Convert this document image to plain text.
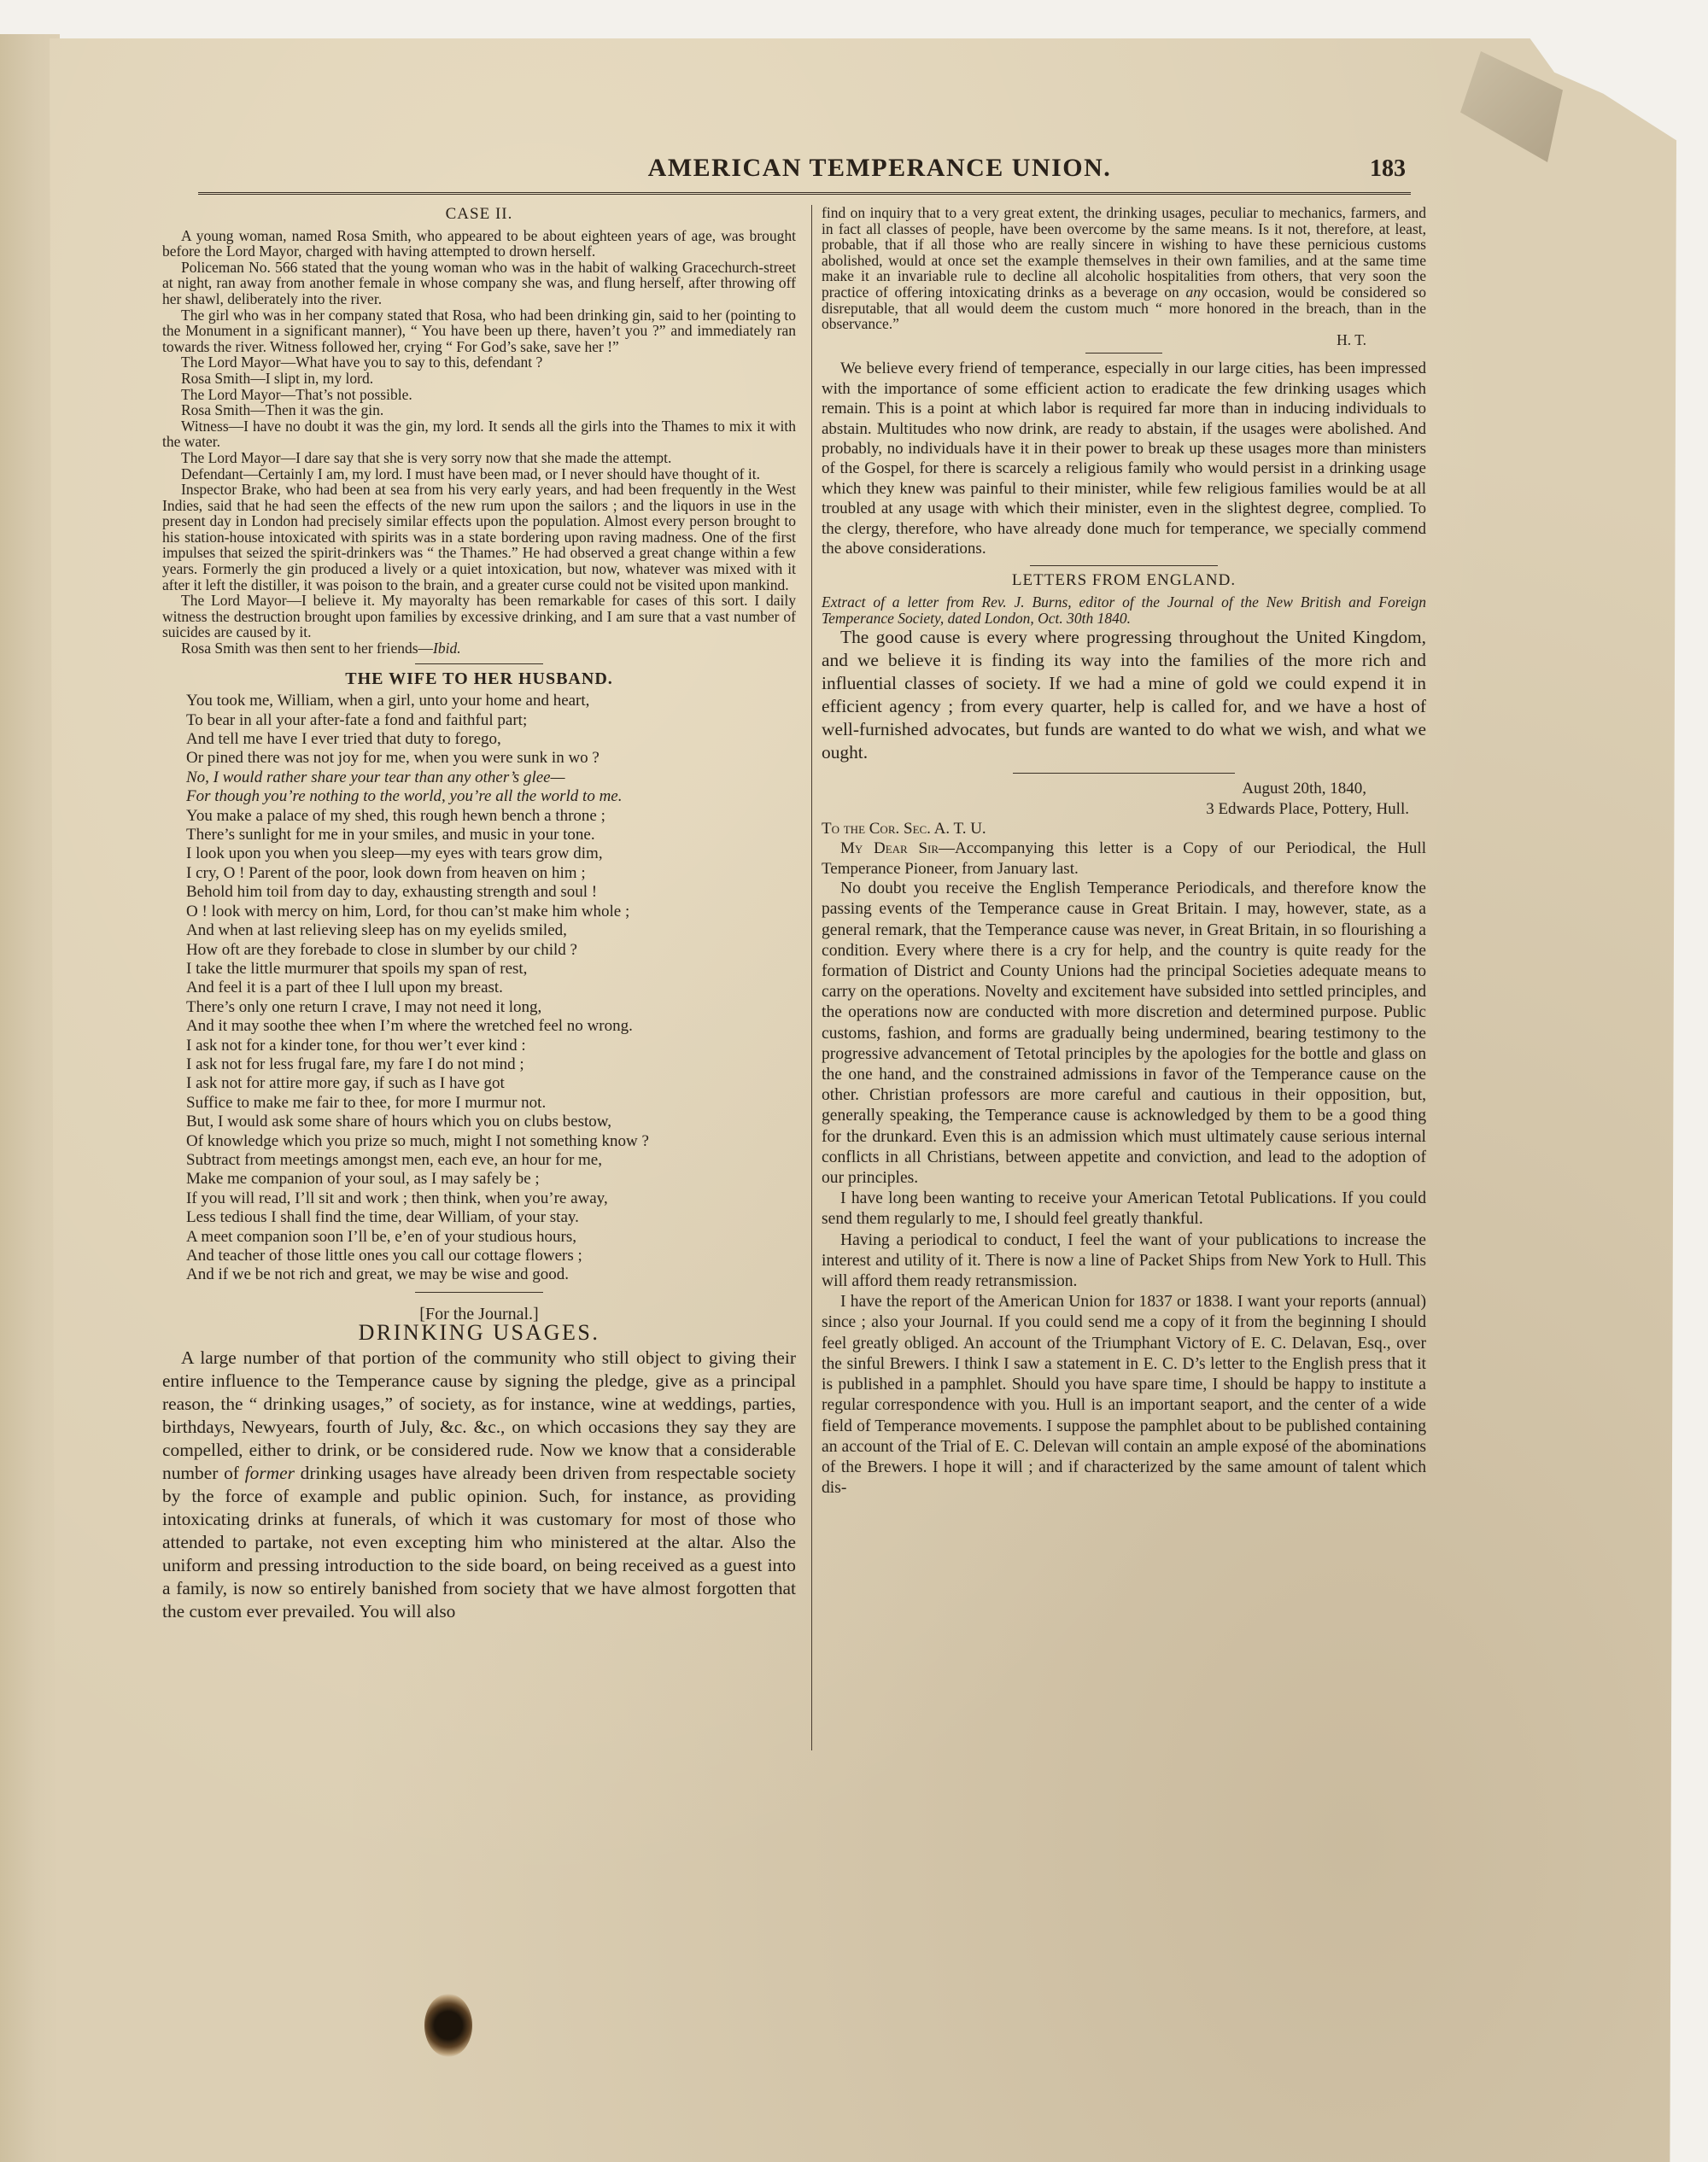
AMERICAN TEMPERANCE UNION.	183
CASE II.

A young woman, named Rosa Smith, who appeared to be about eighteen years of age, was brought before the Lord Mayor, charged with having attempted to drown herself.

Policeman No. 566 stated that the young woman who was in the habit of walking Gracechurch-street at night, ran away from another female in whose company she was, and flung herself, after throwing off her shawl, deliberately into the river.

The girl who was in her company stated that Rosa, who had been drinking gin, said to her (pointing to the Monument in a significant manner), “ You have been up there, haven’t you ?” and immediately ran towards the river. Witness followed her, crying “ For God’s sake, save her !”

The Lord Mayor—What have you to say to this, defendant ?

Rosa Smith—I slipt in, my lord.

The Lord Mayor—That’s not possible.

Rosa Smith—Then it was the gin.

Witness—I have no doubt it was the gin, my lord. It sends all the girls into the Thames to mix it with the water.

The Lord Mayor—I dare say that she is very sorry now that she made the attempt.

Defendant—Certainly I am, my lord. I must have been mad, or I never should have thought of it.

Inspector Brake, who had been at sea from his very early years, and had been frequently in the West Indies, said that he had seen the effects of the new rum upon the sailors ; and the liquors in use in the present day in London had precisely similar effects upon the population. Almost every person brought to his station-house intoxicated with spirits was in a state bordering upon raving madness. One of the first impulses that seized the spirit-drinkers was “ the Thames.” He had observed a great change within a few years. Formerly the gin produced a lively or a quiet intoxication, but now, whatever was mixed with it after it left the distiller, it was poison to the brain, and a greater curse could not be visited upon mankind.

The Lord Mayor—I believe it. My mayoralty has been remarkable for cases of this sort. I daily witness the destruction brought upon families by excessive drinking, and I am sure that a vast number of suicides are caused by it.

Rosa Smith was then sent to her friends—Ibid.

THE WIFE TO HER HUSBAND.
You took me, William, when a girl, unto your home and heart,
To bear in all your after-fate a fond and faithful part;
And tell me have I ever tried that duty to forego,
Or pined there was not joy for me, when you were sunk in wo ?
No, I would rather share your tear than any other’s glee—
For though you’re nothing to the world, you’re all the world to me.
You make a palace of my shed, this rough hewn bench a throne ;
There’s sunlight for me in your smiles, and music in your tone.
I look upon you when you sleep—my eyes with tears grow dim,
I cry, O ! Parent of the poor, look down from heaven on him ;
Behold him toil from day to day, exhausting strength and soul !
O ! look with mercy on him, Lord, for thou can’st make him whole ;
And when at last relieving sleep has on my eyelids smiled,
How oft are they forebade to close in slumber by our child ?
I take the little murmurer that spoils my span of rest,
And feel it is a part of thee I lull upon my breast.
There’s only one return I crave, I may not need it long,
And it may soothe thee when I’m where the wretched feel no wrong.
I ask not for a kinder tone, for thou wer’t ever kind :
I ask not for less frugal fare, my fare I do not mind ;
I ask not for attire more gay, if such as I have got
Suffice to make me fair to thee, for more I murmur not.
But, I would ask some share of hours which you on clubs bestow,
Of knowledge which you prize so much, might I not something know ?
Subtract from meetings amongst men, each eve, an hour for me,
Make me companion of your soul, as I may safely be ;
If you will read, I’ll sit and work ; then think, when you’re away,
Less tedious I shall find the time, dear William, of your stay.
A meet companion soon I’ll be, e’en of your studious hours,
And teacher of those little ones you call our cottage flowers ;
And if we be not rich and great, we may be wise and good.
[For the Journal.]
DRINKING USAGES.

A large number of that portion of the community who still object to giving their entire influence to the Temperance cause by signing the pledge, give as a principal reason, the “ drinking usages,” of society, as for instance, wine at weddings, parties, birthdays, Newyears, fourth of July, &c. &c., on which occasions they say they are compelled, either to drink, or be considered rude. Now we know that a considerable number of former drinking usages have already been driven from respectable society by the force of example and public opinion. Such, for instance, as providing intoxicating drinks at funerals, of which it was customary for most of those who attended to partake, not even excepting him who ministered at the altar. Also the uniform and pressing introduction to the side board, on being received as a guest into a family, is now so entirely banished from society that we have almost forgotten that the custom ever prevailed. You will also

find on inquiry that to a very great extent, the drinking usages, peculiar to mechanics, farmers, and in fact all classes of people, have been overcome by the same means. Is it not, therefore, at least, probable, that if all those who are really sincere in wishing to have these pernicious customs abolished, would at once set the example themselves in their own families, and at the same time make it an invariable rule to decline all alcoholic hospitalities from others, that very soon the practice of offering intoxicating drinks as a beverage on any occasion, would be considered so disreputable, that all would deem the custom much “ more honored in the breach, than in the observance.”

H. T.

We believe every friend of temperance, especially in our large cities, has been impressed with the importance of some efficient action to eradicate the few drinking usages which remain. This is a point at which labor is required far more than in inducing individuals to abstain. Multitudes who now drink, are ready to abstain, if the usages were abolished. And probably, no individuals have it in their power to break up these usages more than ministers of the Gospel, for there is scarcely a religious family who would persist in a drinking usage which they knew was painful to their minister, while few religious families would be at all troubled at any usage with which their minister, even in the slightest degree, complied. To the clergy, therefore, who have already done much for temperance, we specially commend the above considerations.

LETTERS FROM ENGLAND.

Extract of a letter from Rev. J. Burns, editor of the Journal of the New British and Foreign Temperance Society, dated London, Oct. 30th 1840.

The good cause is every where progressing throughout the United Kingdom, and we believe it is finding its way into the families of the more rich and influential classes of society. If we had a mine of gold we could expend it in efficient agency ; from every quarter, help is called for, and we have a host of well-furnished advocates, but funds are wanted to do what we wish, and what we ought.

August 20th, 1840,
3 Edwards Place, Pottery, Hull.
To the Cor. Sec. A. T. U.

My Dear Sir—Accompanying this letter is a Copy of our Periodical, the Hull Temperance Pioneer, from January last.

No doubt you receive the English Temperance Periodicals, and therefore know the passing events of the Temperance cause in Great Britain. I may, however, state, as a general remark, that the Temperance cause was never, in Great Britain, in so flourishing a condition. Every where there is a cry for help, and the country is quite ready for the formation of District and County Unions had the principal Societies adequate means to carry on the operations. Novelty and excitement have subsided into settled principles, and the operations now are conducted with more discretion and determined purpose. Public customs, fashion, and forms are gradually being undermined, bearing testimony to the progressive advancement of Tetotal principles by the apologies for the bottle and glass on the one hand, and the constrained admissions in favor of the Temperance cause on the other. Christian professors are more careful and cautious in their opposition, but, generally speaking, the Temperance cause is acknowledged by them to be a good thing for the drunkard. Even this is an admission which must ultimately cause serious internal conflicts in all Christians, between appetite and conviction, and lead to the adoption of our principles.

I have long been wanting to receive your American Tetotal Publications. If you could send them regularly to me, I should feel greatly thankful.

Having a periodical to conduct, I feel the want of your publications to increase the interest and utility of it. There is now a line of Packet Ships from New York to Hull. This will afford them ready retransmission.

I have the report of the American Union for 1837 or 1838. I want your reports (annual) since ; also your Journal. If you could send me a copy of it from the beginning I should feel greatly obliged. An account of the Triumphant Victory of E. C. Delavan, Esq., over the sinful Brewers. I think I saw a statement in E. C. D’s letter to the English press that it is published in a pamphlet. Should you have spare time, I should be happy to institute a regular correspondence with you. Hull is an important seaport, and the center of a wide field of Temperance movements. I suppose the pamphlet about to be published containing an account of the Trial of E. C. Delevan will contain an ample exposé of the abominations of the Brewers. I hope it will ; and if characterized by the same amount of talent which dis-
